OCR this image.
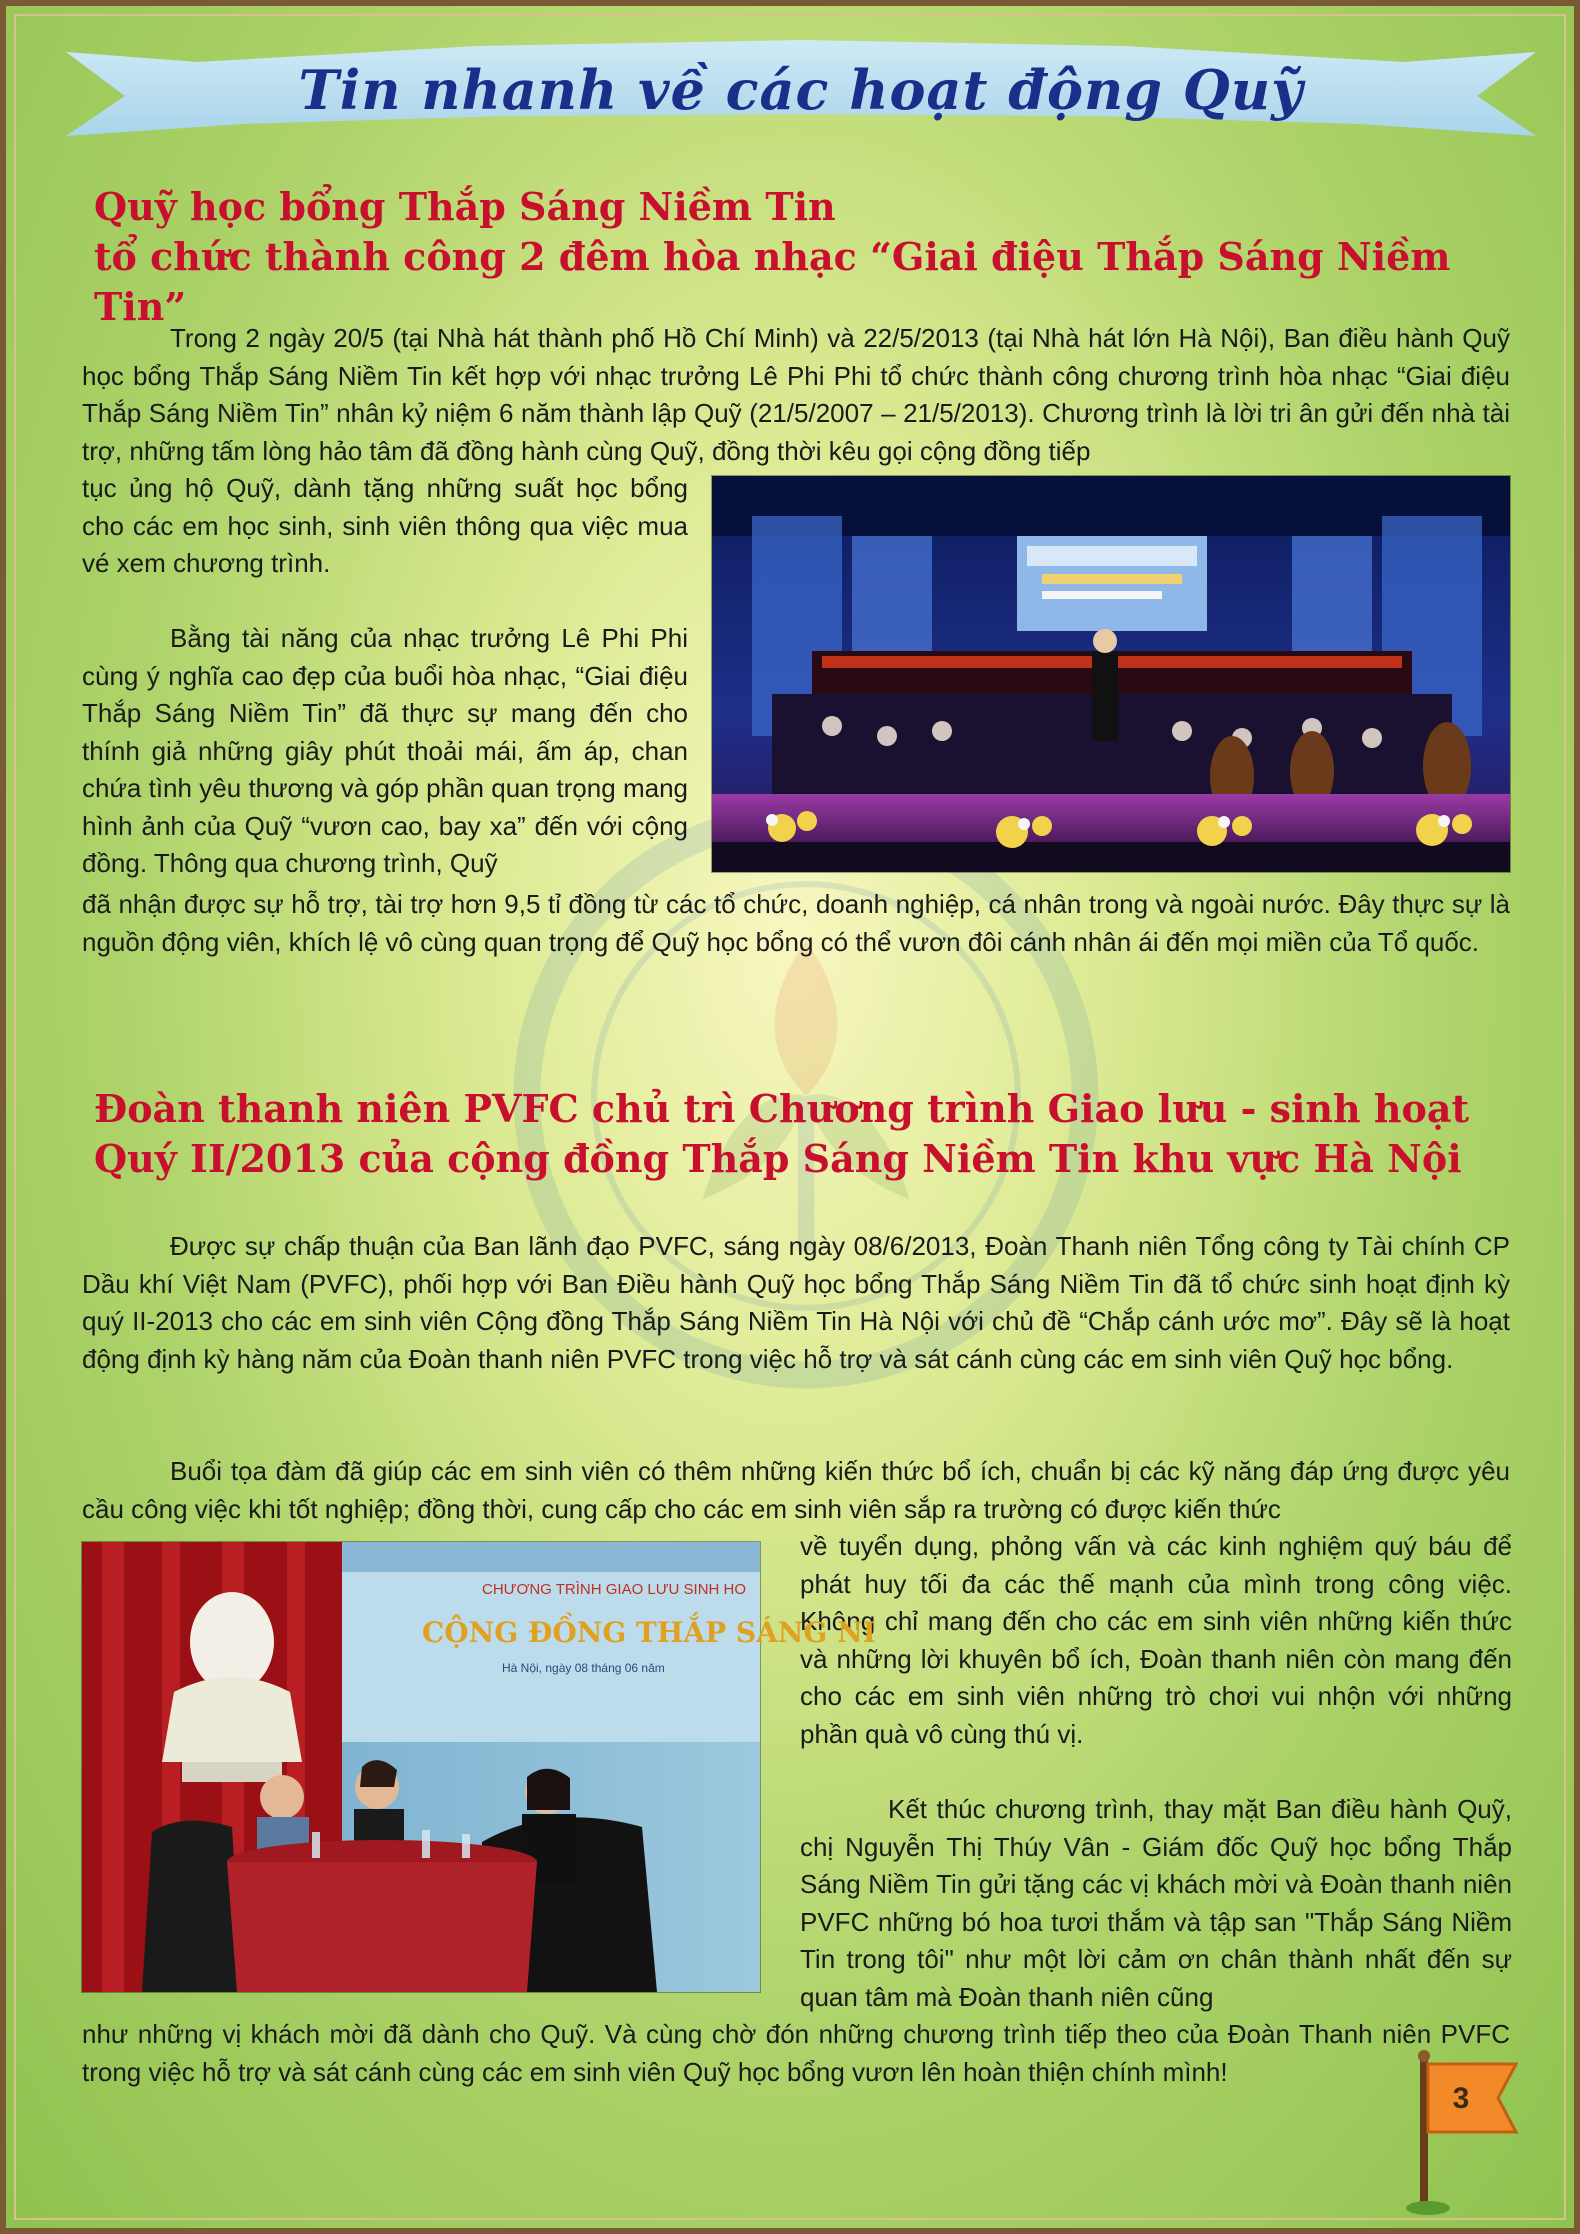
Tin nhanh về các hoạt động Quỹ
Quỹ học bổng Thắp Sáng Niềm Tin
tổ chức thành công 2 đêm hòa nhạc “Giai điệu Thắp Sáng Niềm Tin”

Trong 2 ngày 20/5 (tại Nhà hát thành phố Hồ Chí Minh) và 22/5/2013 (tại Nhà hát lớn Hà Nội), Ban điều hành Quỹ học bổng Thắp Sáng Niềm Tin kết hợp với nhạc trưởng Lê Phi Phi tổ chức thành công chương trình hòa nhạc “Giai điệu Thắp Sáng Niềm Tin” nhân kỷ niệm 6 năm thành lập Quỹ (21/5/2007 – 21/5/2013). Chương trình là lời tri ân gửi đến nhà tài trợ, những tấm lòng hảo tâm đã đồng hành cùng Quỹ, đồng thời kêu gọi cộng đồng tiếp

tục ủng hộ Quỹ, dành tặng những suất học bổng cho các em học sinh, sinh viên thông qua việc mua vé xem chương trình.

Bằng tài năng của nhạc trưởng Lê Phi Phi cùng ý nghĩa cao đẹp của buổi hòa nhạc, “Giai điệu Thắp Sáng Niềm Tin” đã thực sự mang đến cho thính giả những giây phút thoải mái, ấm áp, chan chứa tình yêu thương và góp phần quan trọng mang hình ảnh của Quỹ “vươn cao, bay xa” đến với cộng đồng. Thông qua chương trình, Quỹ

đã nhận được sự hỗ trợ, tài trợ hơn 9,5 tỉ đồng từ các tổ chức, doanh nghiệp, cá nhân trong và ngoài nước. Đây thực sự là nguồn động viên, khích lệ vô cùng quan trọng để Quỹ học bổng có thể vươn đôi cánh nhân ái đến mọi miền của Tổ quốc.

Đoàn thanh niên PVFC chủ trì Chương trình Giao lưu - sinh hoạt
Quý II/2013 của cộng đồng Thắp Sáng Niềm Tin khu vực Hà Nội

Được sự chấp thuận của Ban lãnh đạo PVFC, sáng ngày 08/6/2013, Đoàn Thanh niên Tổng công ty Tài chính CP Dầu khí Việt Nam (PVFC), phối hợp với Ban Điều hành Quỹ học bổng Thắp Sáng Niềm Tin đã tổ chức sinh hoạt định kỳ quý II-2013 cho các em sinh viên Cộng đồng Thắp Sáng Niềm Tin Hà Nội với chủ đề “Chắp cánh ước mơ”. Đây sẽ là hoạt động định kỳ hàng năm của Đoàn thanh niên PVFC trong việc hỗ trợ và sát cánh cùng các em sinh viên Quỹ học bổng.

Buổi tọa đàm đã giúp các em sinh viên có thêm những kiến thức bổ ích, chuẩn bị các kỹ năng đáp ứng được yêu cầu công việc khi tốt nghiệp; đồng thời, cung cấp cho các em sinh viên sắp ra trường có được kiến thức

về tuyển dụng, phỏng vấn và các kinh nghiệm quý báu để phát huy tối đa các thế mạnh của mình trong công việc. Không chỉ mang đến cho các em sinh viên những kiến thức và những lời khuyên bổ ích, Đoàn thanh niên còn mang đến cho các em sinh viên những trò chơi vui nhộn với những phần quà vô cùng thú vị.

Kết thúc chương trình, thay mặt Ban điều hành Quỹ, chị Nguyễn Thị Thúy Vân - Giám đốc Quỹ học bổng Thắp Sáng Niềm Tin gửi tặng các vị khách mời và Đoàn thanh niên PVFC những bó hoa tươi thắm và tập san "Thắp Sáng Niềm Tin trong tôi" như một lời cảm ơn chân thành nhất đến sự quan tâm mà Đoàn thanh niên cũng

như những vị khách mời đã dành cho Quỹ. Và cùng chờ đón những chương trình tiếp theo của Đoàn Thanh niên PVFC trong việc hỗ trợ và sát cánh cùng các em sinh viên Quỹ học bổng vươn lên hoàn thiện chính mình!

CHƯƠNG TRÌNH GIAO LƯU SINH HO
CỘNG ĐỒNG THẮP SÁNG NI
Hà Nội, ngày 08 tháng 06 năm
3
